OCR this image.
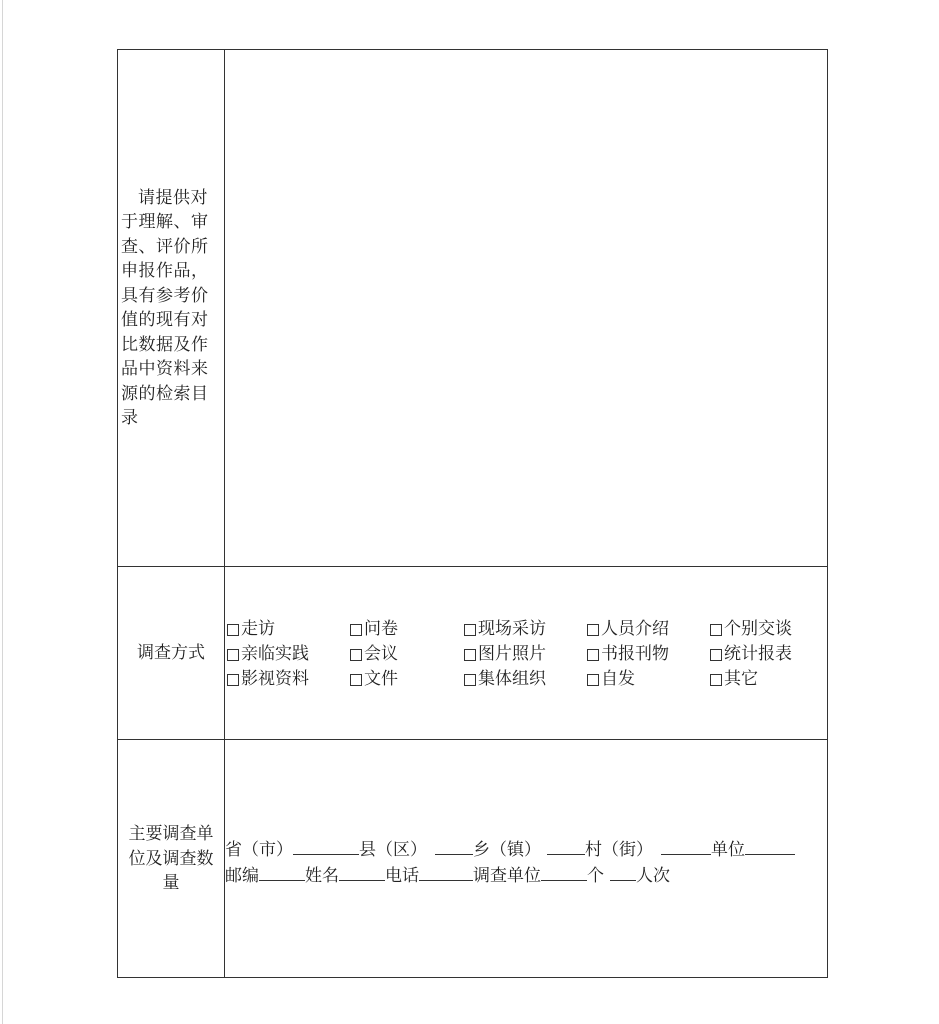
请提供对于理解、审查、评价所申报作品，具有参考价值的现有对比数据及作品中资料来源的检索目录
调查方式
走访	问卷	现场采访	人员介绍	个别交谈
亲临实践	会议	图片照片	书报刊物	统计报表
影视资料	文件	集体组织	自发	其它
主要调查单位及调查数量
省（市）	县（区）	乡（镇）	村（街）	单位
邮编	姓名	电话	调查单位	个 人次
